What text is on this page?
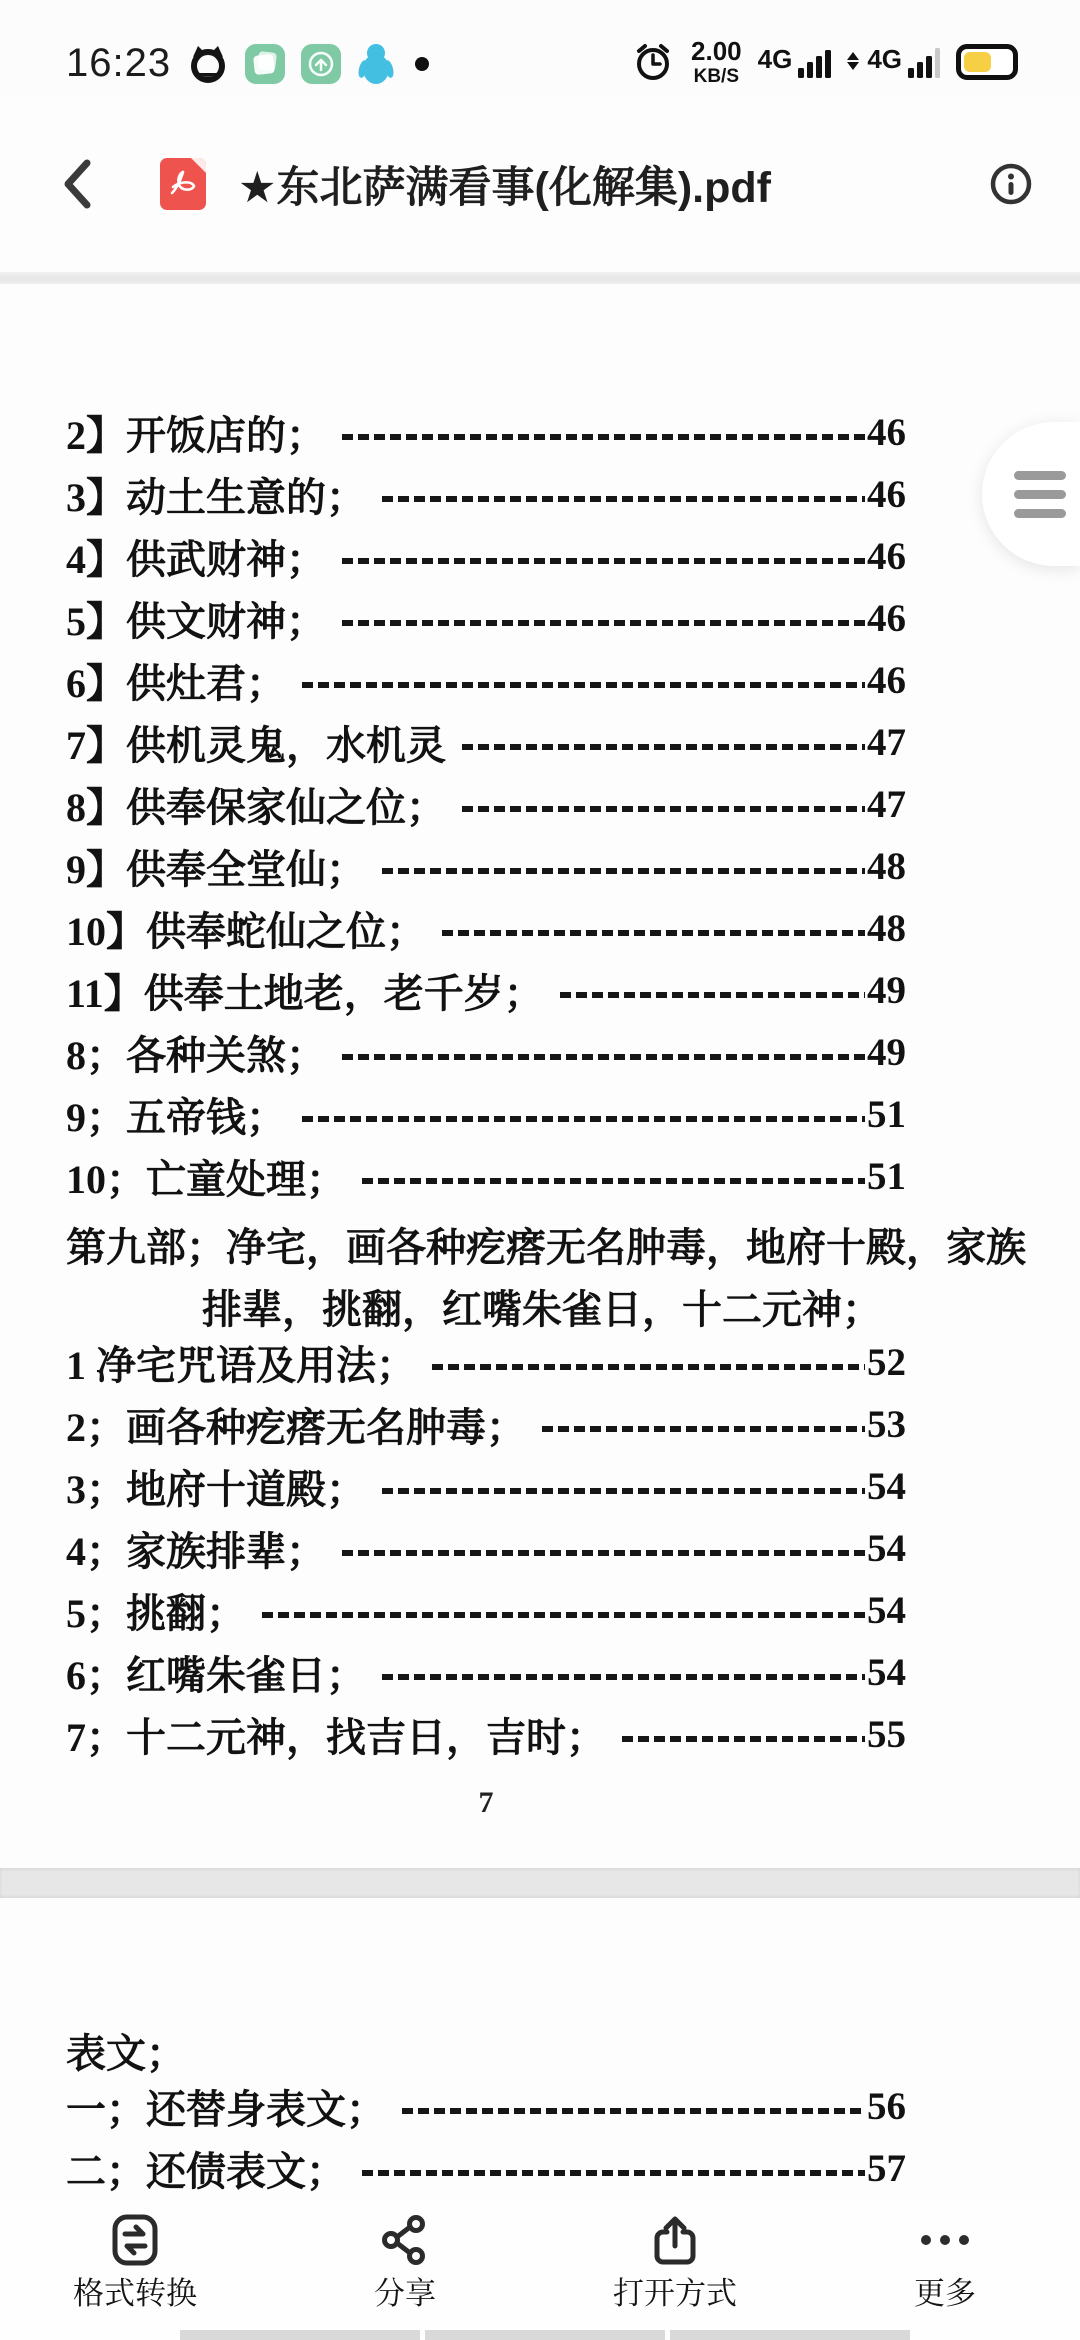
16:23	2.00
KB/S
4G	4G
★东北萨满看事(化解集).pdf
2】开饭店的；	46
3】动土生意的；	46
4】供武财神；	46
5】供文财神；	46
6】供灶君；	46
7】供机灵鬼，水机灵	47
8】供奉保家仙之位；	47
9】供奉全堂仙；	48
10】供奉蛇仙之位；	48
11】供奉土地老，老千岁；	49
8；各种关煞；	49
9；五帝钱；	51
10；亡童处理；	51
第九部；净宅，画各种疙瘩无名肿毒，地府十殿，家族
排辈，挑翻，红嘴朱雀日，十二元神；
1 净宅咒语及用法；	52
2；画各种疙瘩无名肿毒；	53
3；地府十道殿；	54
4；家族排辈；	54
5；挑翻；	54
6；红嘴朱雀日；	54
7；十二元神，找吉日，吉时；	55
7
表文；
一；还替身表文；	56
二；还债表文；	57
格式转换	分享	打开方式	更多
